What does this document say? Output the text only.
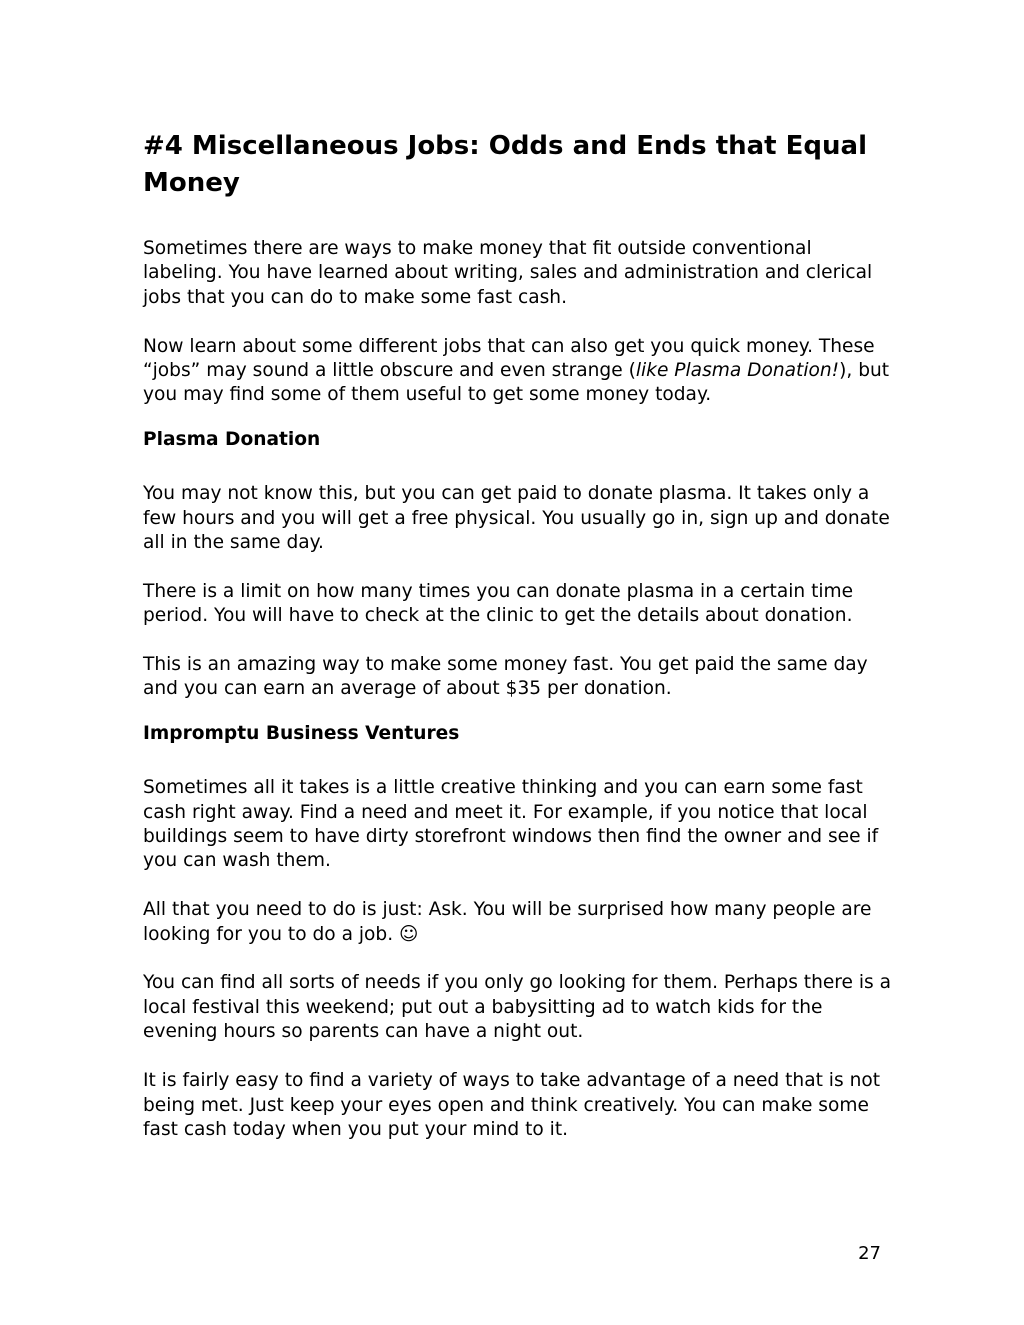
#4 Miscellaneous Jobs: Odds and Ends that Equal Money

Sometimes there are ways to make money that fit outside conventional labeling. You have learned about writing, sales and administration and clerical jobs that you can do to make some fast cash.

Now learn about some different jobs that can also get you quick money. These “jobs” may sound a little obscure and even strange (like Plasma Donation!), but you may find some of them useful to get some money today.

Plasma Donation

You may not know this, but you can get paid to donate plasma. It takes only a few hours and you will get a free physical. You usually go in, sign up and donate all in the same day.

There is a limit on how many times you can donate plasma in a certain time period. You will have to check at the clinic to get the details about donation.

This is an amazing way to make some money fast. You get paid the same day and you can earn an average of about $35 per donation.

Impromptu Business Ventures

Sometimes all it takes is a little creative thinking and you can earn some fast cash right away. Find a need and meet it. For example, if you notice that local buildings seem to have dirty storefront windows then find the owner and see if you can wash them.

All that you need to do is just: Ask. You will be surprised how many people are looking for you to do a job. ☺

You can find all sorts of needs if you only go looking for them. Perhaps there is a local festival this weekend; put out a babysitting ad to watch kids for the evening hours so parents can have a night out.

It is fairly easy to find a variety of ways to take advantage of a need that is not being met. Just keep your eyes open and think creatively. You can make some fast cash today when you put your mind to it.

27
